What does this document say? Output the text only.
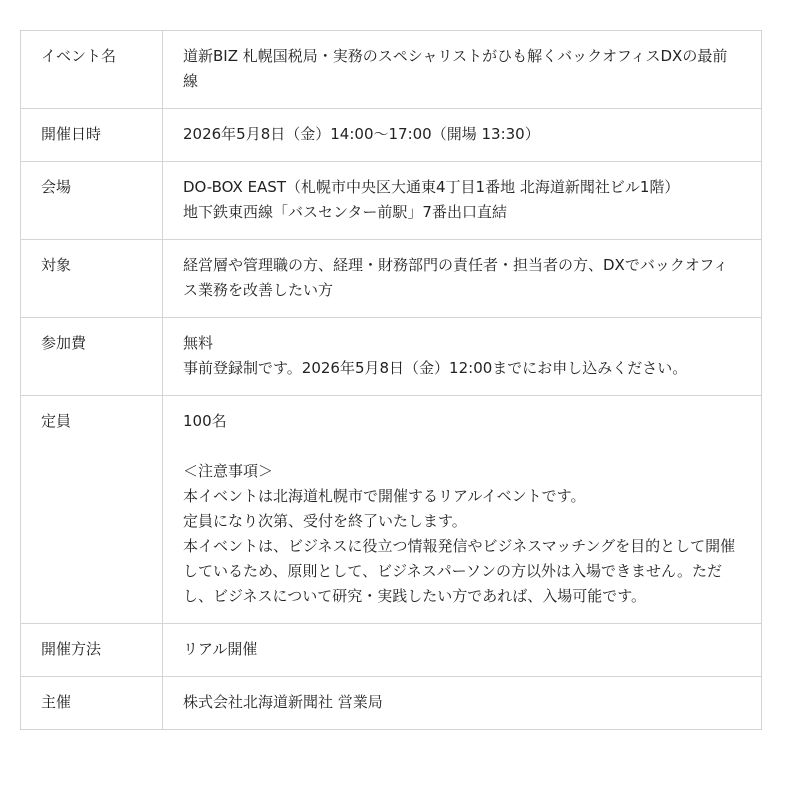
イベント名	道新BIZ 札幌国税局・実務のスペシャリストがひも解くバックオフィスDXの最前線

開催日時	2026年5月8日（金）14:00～17:00（開場 13:30）

会場	DO-BOX EAST（札幌市中央区大通東4丁目1番地 北海道新聞社ビル1階）
地下鉄東西線「バスセンター前駅」7番出口直結

対象	経営層や管理職の方、経理・財務部門の責任者・担当者の方、DXでバックオフィス業務を改善したい方

参加費	無料
事前登録制です。2026年5月8日（金）12:00までにお申し込みください。

定員	100名
＜注意事項＞
本イベントは北海道札幌市で開催するリアルイベントです。
定員になり次第、受付を終了いたします。
本イベントは、ビジネスに役立つ情報発信やビジネスマッチングを目的として開催しているため、原則として、ビジネスパーソンの方以外は入場できません。ただし、ビジネスについて研究・実践したい方であれば、入場可能です。

開催方法	リアル開催

主催	株式会社北海道新聞社 営業局
